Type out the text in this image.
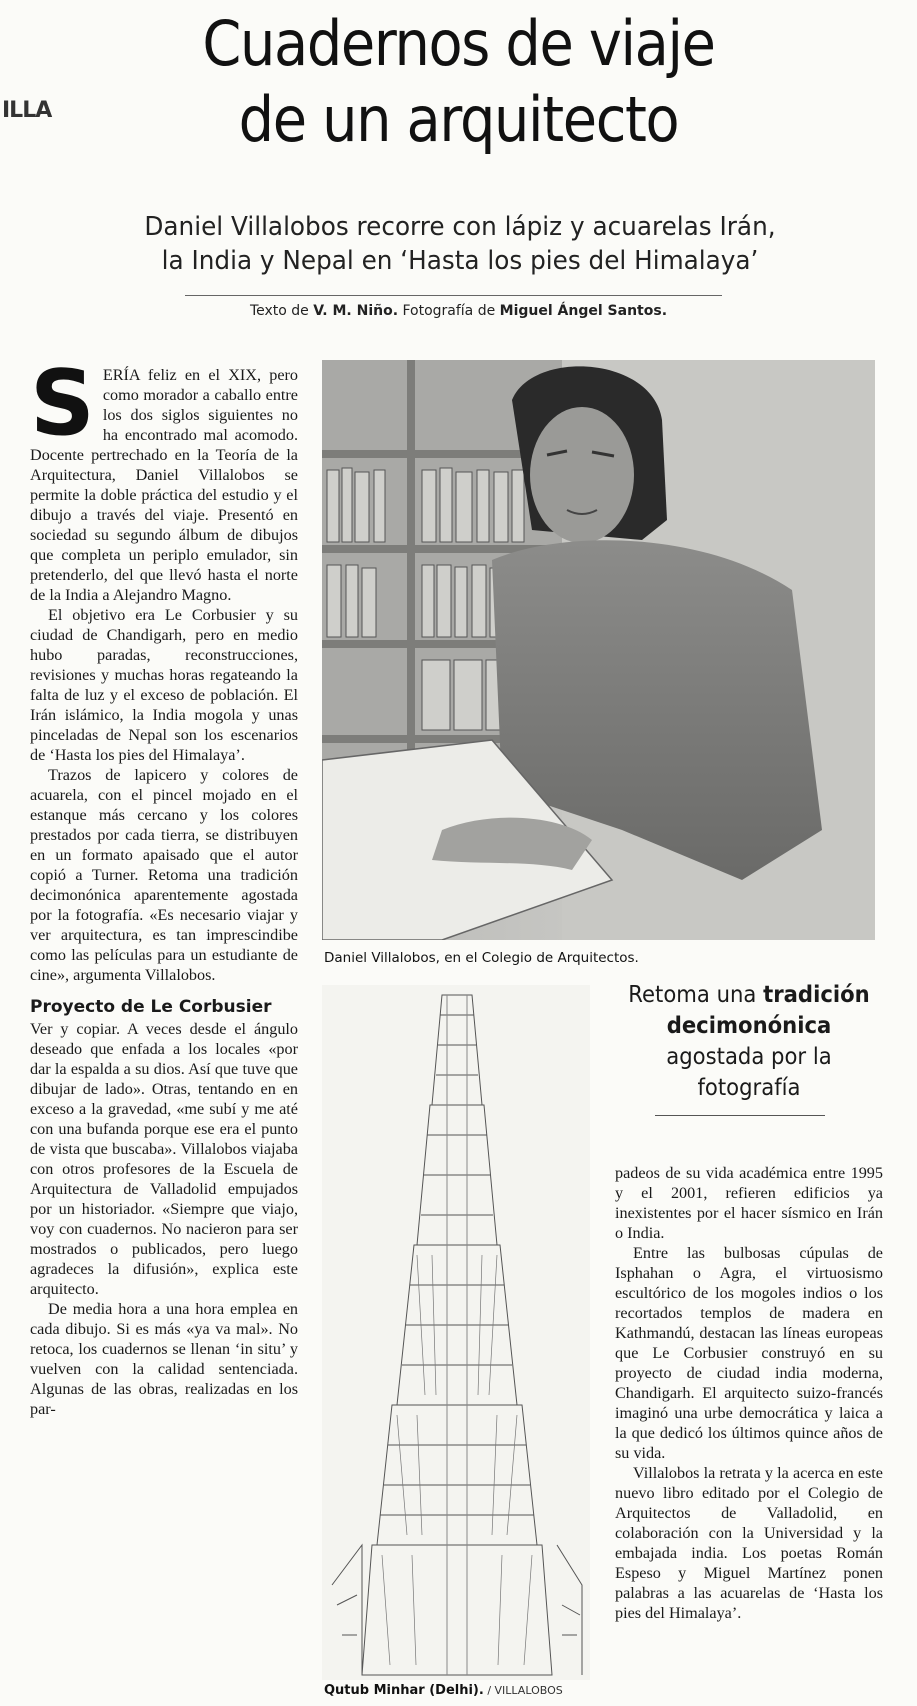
ILLA
Cuadernos de viaje
de un arquitecto
Daniel Villalobos recorre con lápiz y acuarelas Irán,
la India y Nepal en ‘Hasta los pies del Himalaya’
Texto de V. M. Niño. Fotografía de Miguel Ángel Santos.
S ERÍA feliz en el XIX, pero como morador a caballo entre los dos siglos siguientes no ha encontrado mal acomodo. Docente pertrechado en la Teoría de la Arquitectura, Daniel Villalobos se permite la doble práctica del estudio y el dibujo a través del viaje. Presentó en sociedad su segundo álbum de dibujos que completa un periplo emulador, sin pretenderlo, del que llevó hasta el norte de la India a Alejandro Magno.

El objetivo era Le Corbusier y su ciudad de Chandigarh, pero en medio hubo paradas, reconstrucciones, revisiones y muchas horas regateando la falta de luz y el exceso de población. El Irán islámico, la India mogola y unas pinceladas de Nepal son los escenarios de ‘Hasta los pies del Himalaya’.

Trazos de lapicero y colores de acuarela, con el pincel mojado en el estanque más cercano y los colores prestados por cada tierra, se distribuyen en un formato apaisado que el autor copió a Turner. Retoma una tradición decimonónica aparentemente agostada por la fotografía. «Es necesario viajar y ver arquitectura, es tan imprescindibe como las películas para un estudiante de cine», argumenta Villalobos.

Proyecto de Le Corbusier

Ver y copiar. A veces desde el ángulo deseado que enfada a los locales «por dar la espalda a su dios. Así que tuve que dibujar de lado». Otras, tentando en en exceso a la gravedad, «me subí y me até con una bufanda porque ese era el punto de vista que buscaba». Villalobos viajaba con otros profesores de la Escuela de Arquitectura de Valladolid empujados por un historiador. «Siempre que viajo, voy con cuadernos. No nacieron para ser mostrados o publicados, pero luego agradeces la difusión», explica este arquitecto.

De media hora a una hora emplea en cada dibujo. Si es más «ya va mal». No retoca, los cuadernos se llenan ‘in situ’ y vuelven con la calidad sentenciada. Algunas de las obras, realizadas en los par-

Daniel Villalobos, en el Colegio de Arquitectos.
Qutub Minhar (Delhi). / VILLALOBOS
Retoma una tradición decimonónica agostada por la fotografía

padeos de su vida académica entre 1995 y el 2001, refieren edificios ya inexistentes por el hacer sísmico en Irán o India.

Entre las bulbosas cúpulas de Isphahan o Agra, el virtuosismo escultórico de los mogoles indios o los recortados templos de madera en Kathmandú, destacan las líneas europeas que Le Corbusier construyó en su proyecto de ciudad india moderna, Chandigarh. El arquitecto suizo-francés imaginó una urbe democrática y laica a la que dedicó los últimos quince años de su vida.

Villalobos la retrata y la acerca en este nuevo libro editado por el Colegio de Arquitectos de Valladolid, en colaboración con la Universidad y la embajada india. Los poetas Román Espeso y Miguel Martínez ponen palabras a las acuarelas de ‘Hasta los pies del Himalaya’.
